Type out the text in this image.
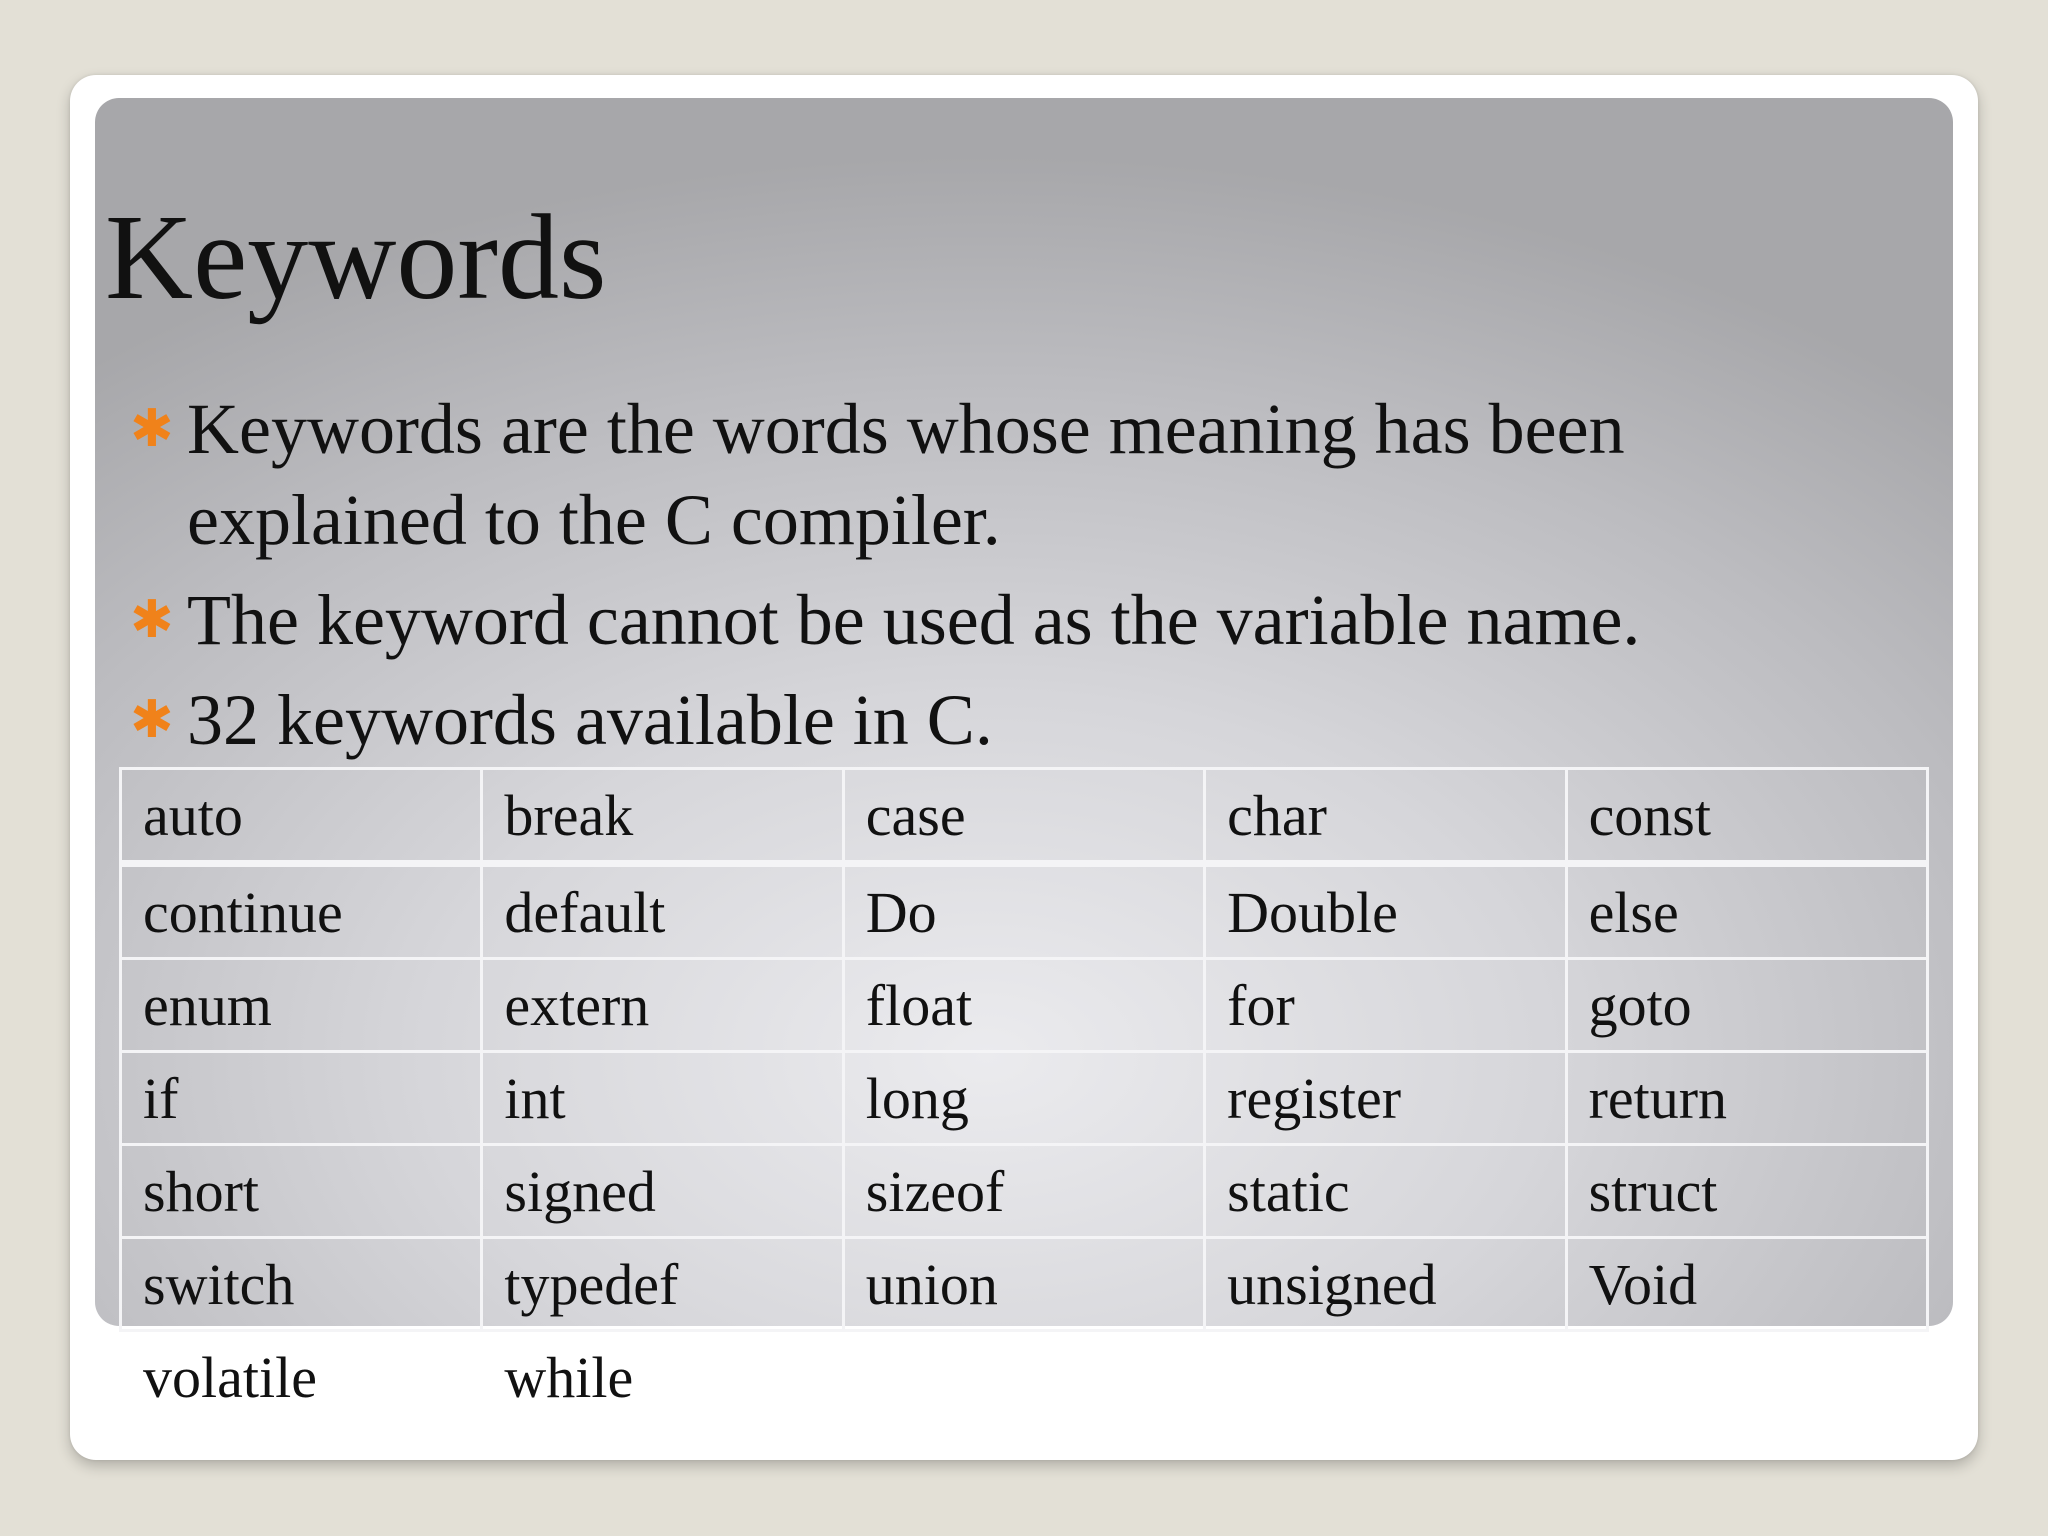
Keywords
✱ Keywords are the words whose meaning has been explained to the C compiler.
✱ The keyword cannot be used as the variable name.
✱ 32 keywords available in C.
auto	break	case	char	const
continue	default	Do	Double	else
enum	extern	float	for	goto
if	int	long	register	return
short	signed	sizeof	static	struct
switch	typedef	union	unsigned	Void
volatile	while			
